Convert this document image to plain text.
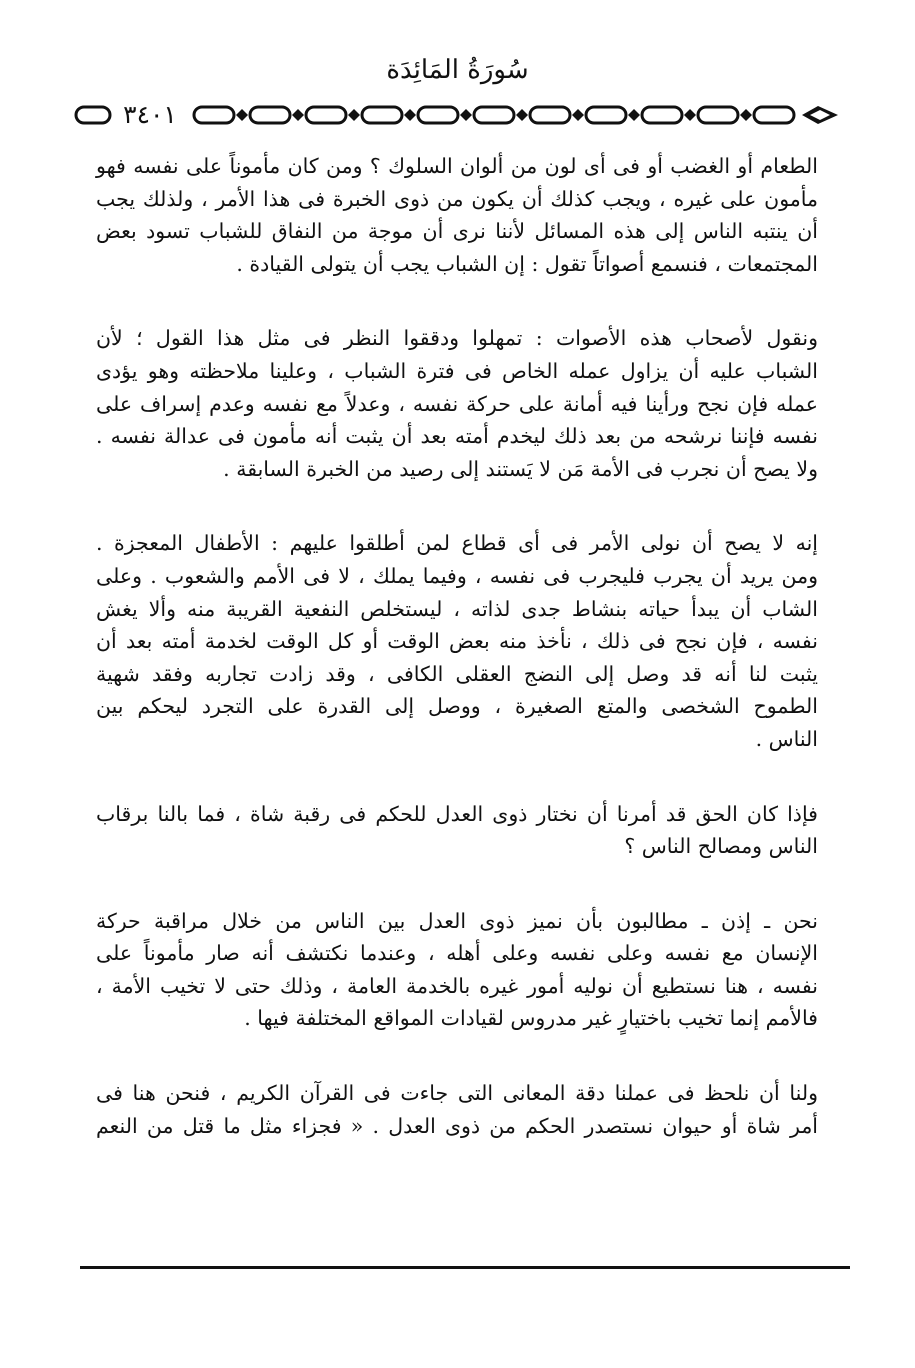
سُورَةُ المَائِدَة
٣٤٠١
الطعام أو الغضب أو فى أى لون من ألوان السلوك ؟ ومن كان مأموناً على نفسه فهو
مأمون على غيره ، ويجب كذلك أن يكون من ذوى الخبرة فى هذا الأمر ، ولذلك يجب
أن ينتبه الناس إلى هذه المسائل لأننا نرى أن موجة من النفاق للشباب تسود بعض
المجتمعات ، فنسمع أصواتاً تقول : إن الشباب يجب أن يتولى القيادة .
ونقول لأصحاب هذه الأصوات : تمهلوا ودققوا النظر فى مثل هذا القول ؛ لأن
الشباب عليه أن يزاول عمله الخاص فى فترة الشباب ، وعلينا ملاحظته وهو يؤدى
عمله فإن نجح ورأينا فيه أمانة على حركة نفسه ، وعدلاً مع نفسه وعدم إسراف على
نفسه فإننا نرشحه من بعد ذلك ليخدم أمته بعد أن يثبت أنه مأمون فى عدالة نفسه .
ولا يصح أن نجرب فى الأمة مَن لا يَستند إلى رصيد من الخبرة السابقة .
إنه لا يصح أن نولى الأمر فى أى قطاع لمن أطلقوا عليهم : الأطفال المعجزة .
ومن يريد أن يجرب فليجرب فى نفسه ، وفيما يملك ، لا فى الأمم والشعوب . وعلى
الشاب أن يبدأ حياته بنشاط جدى لذاته ، ليستخلص النفعية القريبة منه وألا يغش
نفسه ، فإن نجح فى ذلك ، نأخذ منه بعض الوقت أو كل الوقت لخدمة أمته بعد أن
يثبت لنا أنه قد وصل إلى النضج العقلى الكافى ، وقد زادت تجاربه وفقد شهية
الطموح الشخصى والمتع الصغيرة ، ووصل إلى القدرة على التجرد ليحكم بين
الناس .
فإذا كان الحق قد أمرنا أن نختار ذوى العدل للحكم فى رقبة شاة ، فما بالنا برقاب
الناس ومصالح الناس ؟
نحن ـ إذن ـ مطالبون بأن نميز ذوى العدل بين الناس من خلال مراقبة حركة
الإنسان مع نفسه وعلى نفسه وعلى أهله ، وعندما نكتشف أنه صار مأموناً على
نفسه ، هنا نستطيع أن نوليه أمور غيره بالخدمة العامة ، وذلك حتى لا تخيب الأمة ،
فالأمم إنما تخيب باختيارٍ غير مدروس لقيادات المواقع المختلفة فيها .
ولنا أن نلحظ فى عملنا دقة المعانى التى جاءت فى القرآن الكريم ، فنحن هنا فى
أمر شاة أو حيوان نستصدر الحكم من ذوى العدل . « فجزاء مثل ما قتل من النعم
